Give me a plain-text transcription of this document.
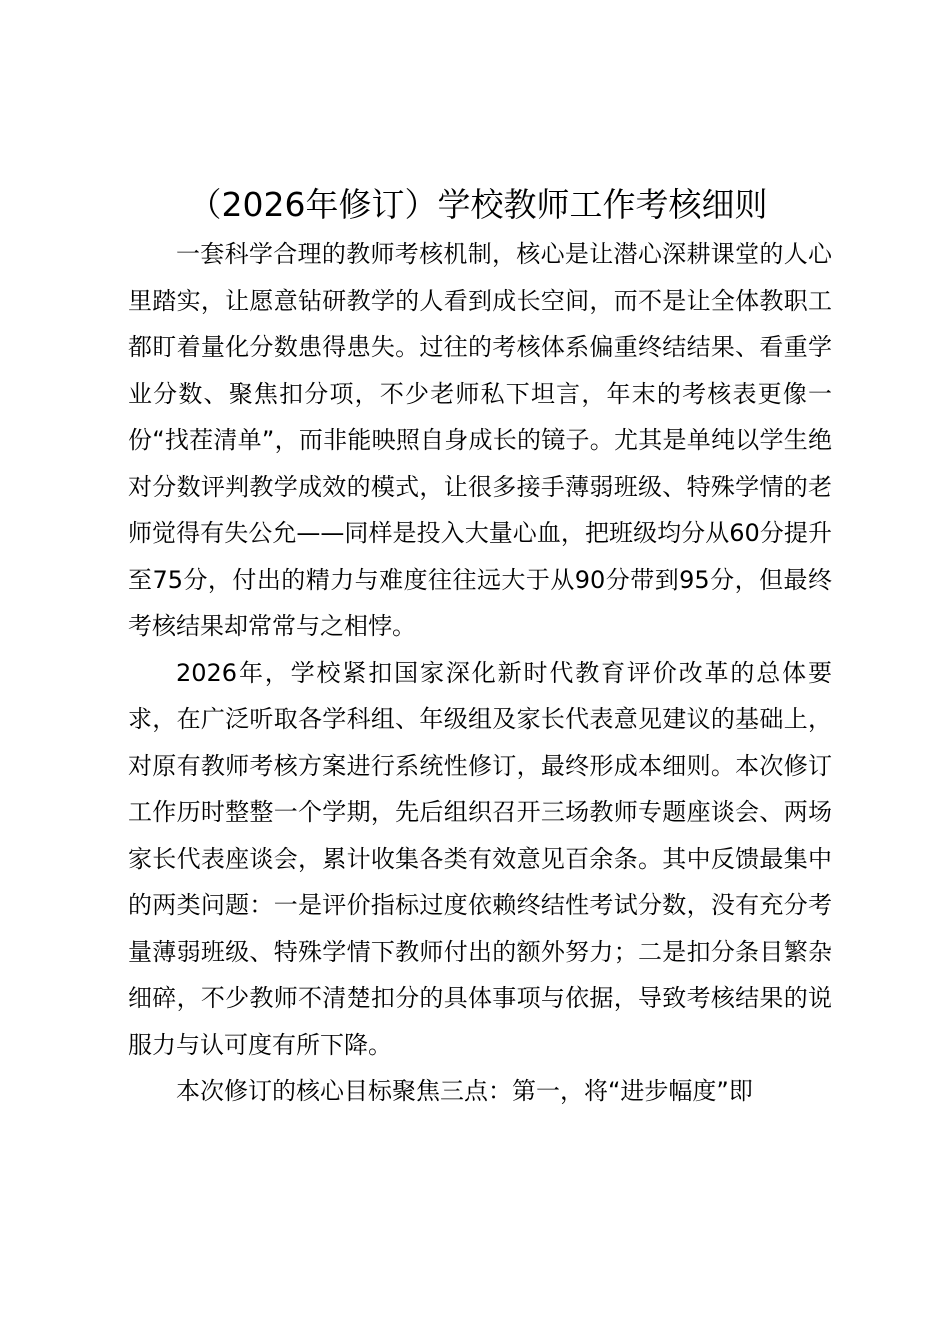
（2026年修订）学校教师工作考核细则

一套科学合理的教师考核机制，核心是让潜心深耕课堂的人心里踏实，让愿意钻研教学的人看到成长空间，而不是让全体教职工都盯着量化分数患得患失。过往的考核体系偏重终结结果、看重学业分数、聚焦扣分项，不少老师私下坦言，年末的考核表更像一份“找茬清单”，而非能映照自身成长的镜子。尤其是单纯以学生绝对分数评判教学成效的模式，让很多接手薄弱班级、特殊学情的老师觉得有失公允——同样是投入大量心血，把班级均分从60分提升至75分，付出的精力与难度往往远大于从90分带到95分，但最终考核结果却常常与之相悖。

2026年，学校紧扣国家深化新时代教育评价改革的总体要求，在广泛听取各学科组、年级组及家长代表意见建议的基础上，对原有教师考核方案进行系统性修订，最终形成本细则。本次修订工作历时整整一个学期，先后组织召开三场教师专题座谈会、两场家长代表座谈会，累计收集各类有效意见百余条。其中反馈最集中的两类问题：一是评价指标过度依赖终结性考试分数，没有充分考量薄弱班级、特殊学情下教师付出的额外努力；二是扣分条目繁杂细碎，不少教师不清楚扣分的具体事项与依据，导致考核结果的说服力与认可度有所下降。

本次修订的核心目标聚焦三点：第一，将“进步幅度”即
